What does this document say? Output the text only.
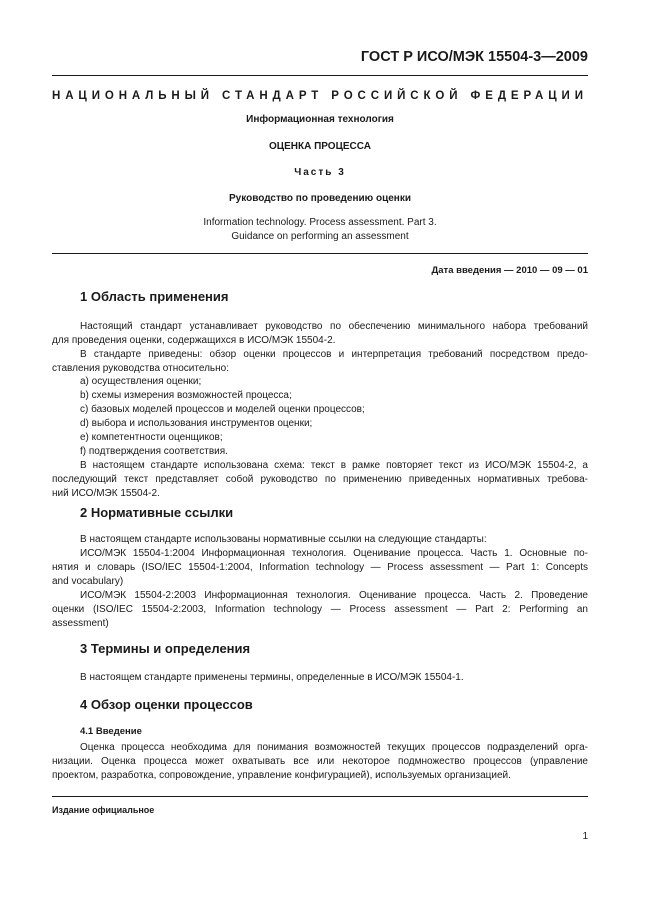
ГОСТ Р ИСО/МЭК 15504-3—2009
НАЦИОНАЛЬНЫЙ СТАНДАРТ РОССИЙСКОЙ ФЕДЕРАЦИИ
Информационная технология
ОЦЕНКА ПРОЦЕССА
Часть 3
Руководство по проведению оценки
Information technology. Process assessment. Part 3.
Guidance on performing an assessment
Дата введения — 2010 — 09 — 01
1 Область применения
Настоящий стандарт устанавливает руководство по обеспечению минимального набора требований
для проведения оценки, содержащихся в ИСО/МЭК 15504-2.
В стандарте приведены: обзор оценки процессов и интерпретация требований посредством предо-
ставления руководства относительно:
a) осуществления оценки;
b) схемы измерения возможностей процесса;
c) базовых моделей процессов и моделей оценки процессов;
d) выбора и использования инструментов оценки;
e) компетентности оценщиков;
f) подтверждения соответствия.
В настоящем стандарте использована схема: текст в рамке повторяет текст из ИСО/МЭК 15504-2, а
последующий текст представляет собой руководство по применению приведенных нормативных требова-
ний ИСО/МЭК 15504-2.
2 Нормативные ссылки
В настоящем стандарте использованы нормативные ссылки на следующие стандарты:
ИСО/МЭК 15504-1:2004 Информационная технология. Оценивание процесса. Часть 1. Основные по-
нятия и словарь (ISO/IEC 15504-1:2004, Information technology — Process assessment — Part 1: Concepts
and vocabulary)
ИСО/МЭК 15504-2:2003 Информационная технология. Оценивание процесса. Часть 2. Проведение
оценки (ISO/IEC 15504-2:2003, Information technology — Process assessment — Part 2: Performing an
assessment)
3 Термины и определения
В настоящем стандарте применены термины, определенные в ИСО/МЭК 15504-1.
4 Обзор оценки процессов
4.1 Введение
Оценка процесса необходима для понимания возможностей текущих процессов подразделений орга-
низации. Оценка процесса может охватывать все или некоторое подмножество процессов (управление
проектом, разработка, сопровождение, управление конфигурацией), используемых организацией.
Издание официальное
1
